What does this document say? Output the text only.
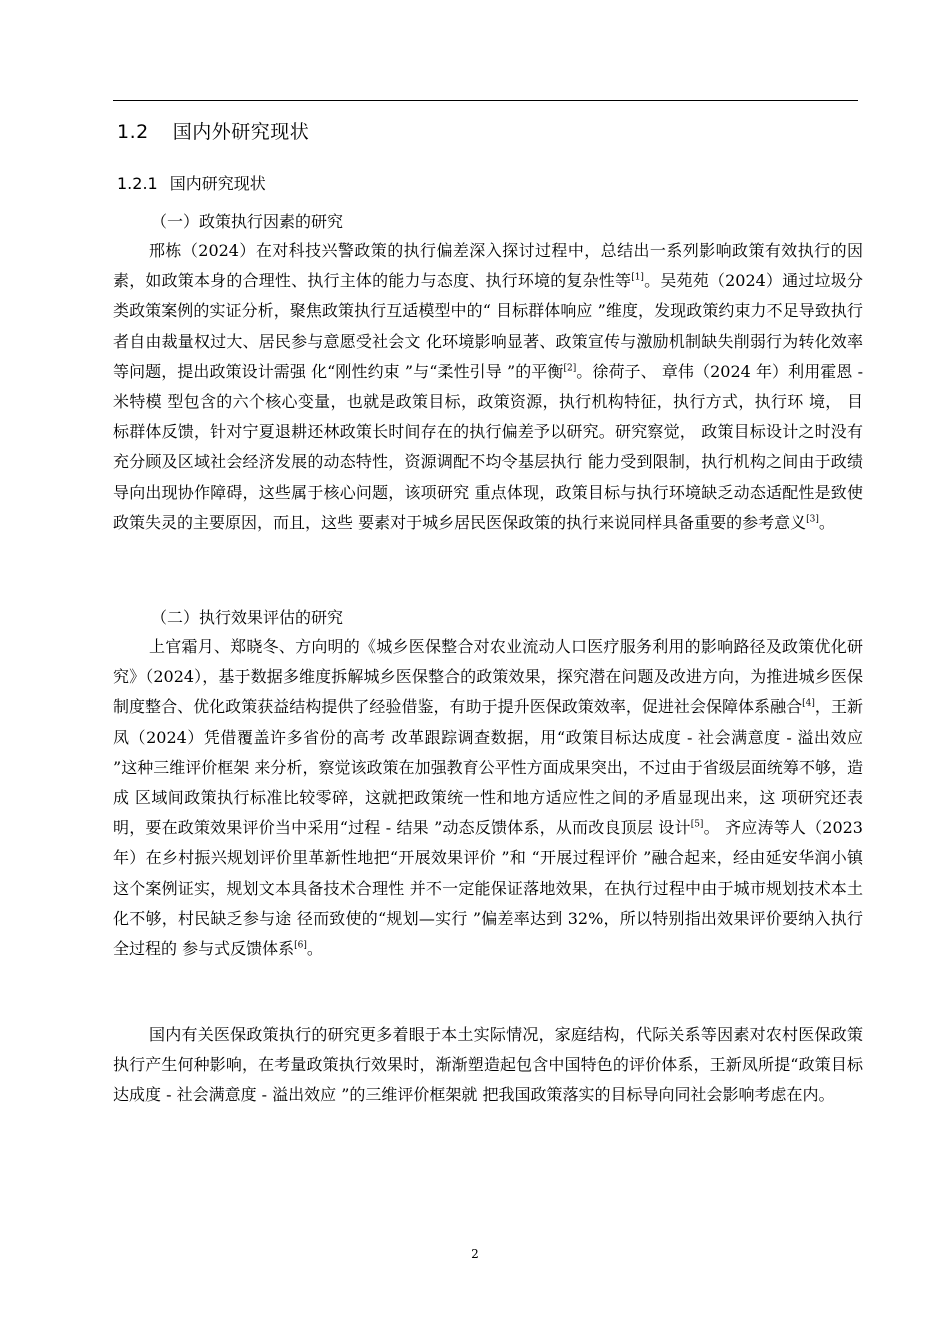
1.2 国内外研究现状
1.2.1 国内研究现状
（一）政策执行因素的研究
邢栋（2024）在对科技兴警政策的执行偏差深入探讨过程中，总结出一系列影响政策有效执行的因素，如政策本身的合理性、执行主体的能力与态度、执行环境的复杂性等[1]。吴苑苑（2024）通过垃圾分类政策案例的实证分析，聚焦政策执行互适模型中的“ 目标群体响应 ”维度，发现政策约束力不足导致执行者自由裁量权过大、居民参与意愿受社会文 化环境影响显著、政策宣传与激励机制缺失削弱行为转化效率等问题，提出政策设计需强 化“刚性约束 ”与“柔性引导 ”的平衡[2]。徐荷子、 章伟（2024 年）利用霍恩 - 米特模 型包含的六个核心变量，也就是政策目标，政策资源，执行机构特征，执行方式，执行环 境， 目标群体反馈，针对宁夏退耕还林政策长时间存在的执行偏差予以研究。研究察觉， 政策目标设计之时没有充分顾及区域社会经济发展的动态特性，资源调配不均令基层执行 能力受到限制，执行机构之间由于政绩导向出现协作障碍，这些属于核心问题，该项研究 重点体现，政策目标与执行环境缺乏动态适配性是致使政策失灵的主要原因，而且，这些 要素对于城乡居民医保政策的执行来说同样具备重要的参考意义[3]。
（二）执行效果评估的研究
上官霜月、郑晓冬、方向明的《城乡医保整合对农业流动人口医疗服务利用的影响路径及政策优化研究》（2024），基于数据多维度拆解城乡医保整合的政策效果，探究潜在问题及改进方向，为推进城乡医保制度整合、优化政策获益结构提供了经验借鉴，有助于提升医保政策效率，促进社会保障体系融合[4]，王新凤（2024）凭借覆盖许多省份的高考 改革跟踪调查数据，用“政策目标达成度 - 社会满意度 - 溢出效应 ”这种三维评价框架 来分析，察觉该政策在加强教育公平性方面成果突出，不过由于省级层面统筹不够，造成 区域间政策执行标准比较零碎，这就把政策统一性和地方适应性之间的矛盾显现出来，这 项研究还表明，要在政策效果评价当中采用“过程 - 结果 ”动态反馈体系，从而改良顶层 设计[5]。 齐应涛等人（2023 年）在乡村振兴规划评价里革新性地把“开展效果评价 ”和 “开展过程评价 ”融合起来，经由延安华润小镇这个案例证实，规划文本具备技术合理性 并不一定能保证落地效果，在执行过程中由于城市规划技术本土化不够，村民缺乏参与途 径而致使的“规划—实行 ”偏差率达到 32%，所以特别指出效果评价要纳入执行全过程的 参与式反馈体系[6]。
国内有关医保政策执行的研究更多着眼于本土实际情况，家庭结构，代际关系等因素对农村医保政策执行产生何种影响，在考量政策执行效果时，渐渐塑造起包含中国特色的评价体系，王新凤所提“政策目标达成度 - 社会满意度 - 溢出效应 ”的三维评价框架就 把我国政策落实的目标导向同社会影响考虑在内。
2
